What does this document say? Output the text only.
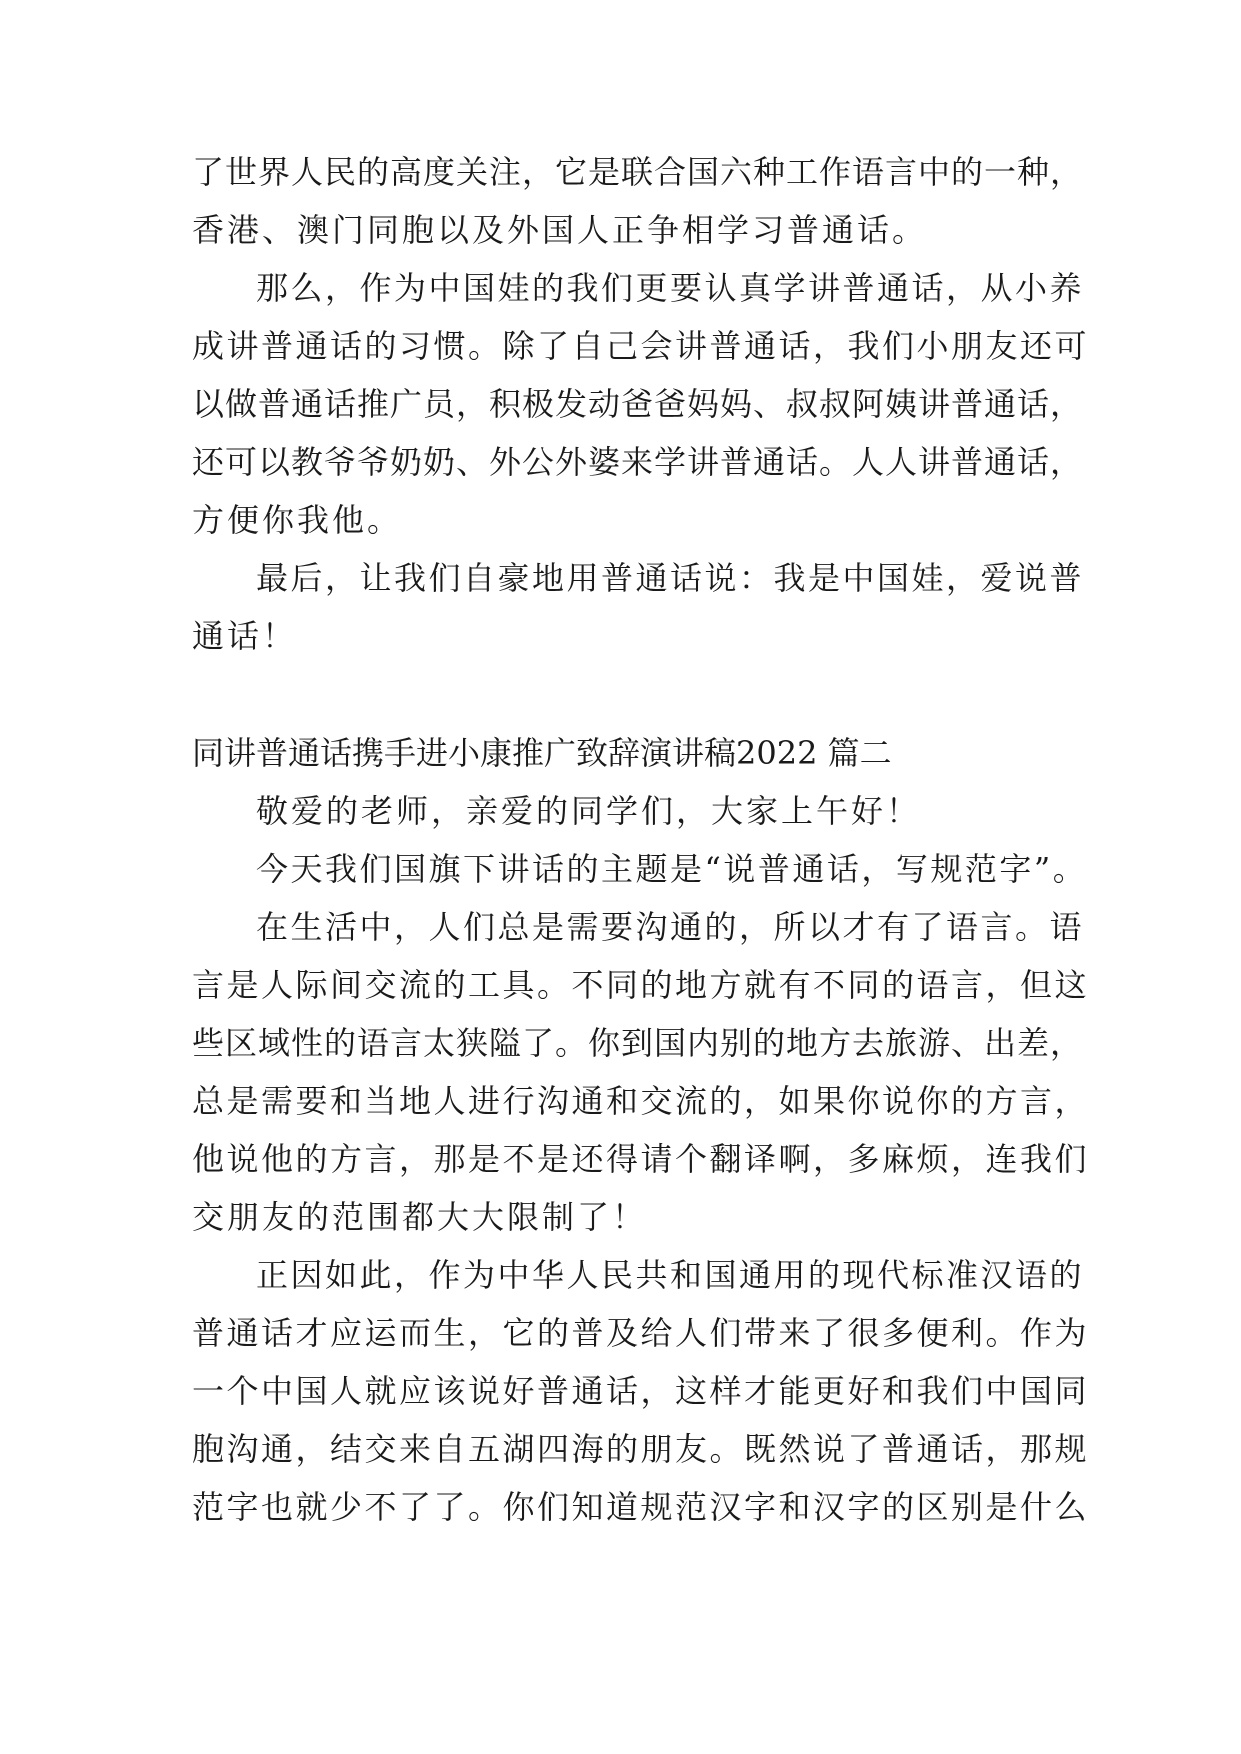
了世界人民的高度关注，它是联合国六种工作语言中的一种，
香港、澳门同胞以及外国人正争相学习普通话。
那么，作为中国娃的我们更要认真学讲普通话，从小养
成讲普通话的习惯。除了自己会讲普通话，我们小朋友还可
以做普通话推广员，积极发动爸爸妈妈、叔叔阿姨讲普通话，
还可以教爷爷奶奶、外公外婆来学讲普通话。人人讲普通话，
方便你我他。
最后，让我们自豪地用普通话说：我是中国娃，爱说普
通话！
同讲普通话携手进小康推广致辞演讲稿2022 篇二
敬爱的老师，亲爱的同学们，大家上午好！
今天我们国旗下讲话的主题是“说普通话，写规范字”。
在生活中，人们总是需要沟通的，所以才有了语言。语
言是人际间交流的工具。不同的地方就有不同的语言，但这
些区域性的语言太狭隘了。你到国内别的地方去旅游、出差，
总是需要和当地人进行沟通和交流的，如果你说你的方言，
他说他的方言，那是不是还得请个翻译啊，多麻烦，连我们
交朋友的范围都大大限制了！
正因如此，作为中华人民共和国通用的现代标准汉语的
普通话才应运而生，它的普及给人们带来了很多便利。作为
一个中国人就应该说好普通话，这样才能更好和我们中国同
胞沟通，结交来自五湖四海的朋友。既然说了普通话，那规
范字也就少不了了。你们知道规范汉字和汉字的区别是什么
